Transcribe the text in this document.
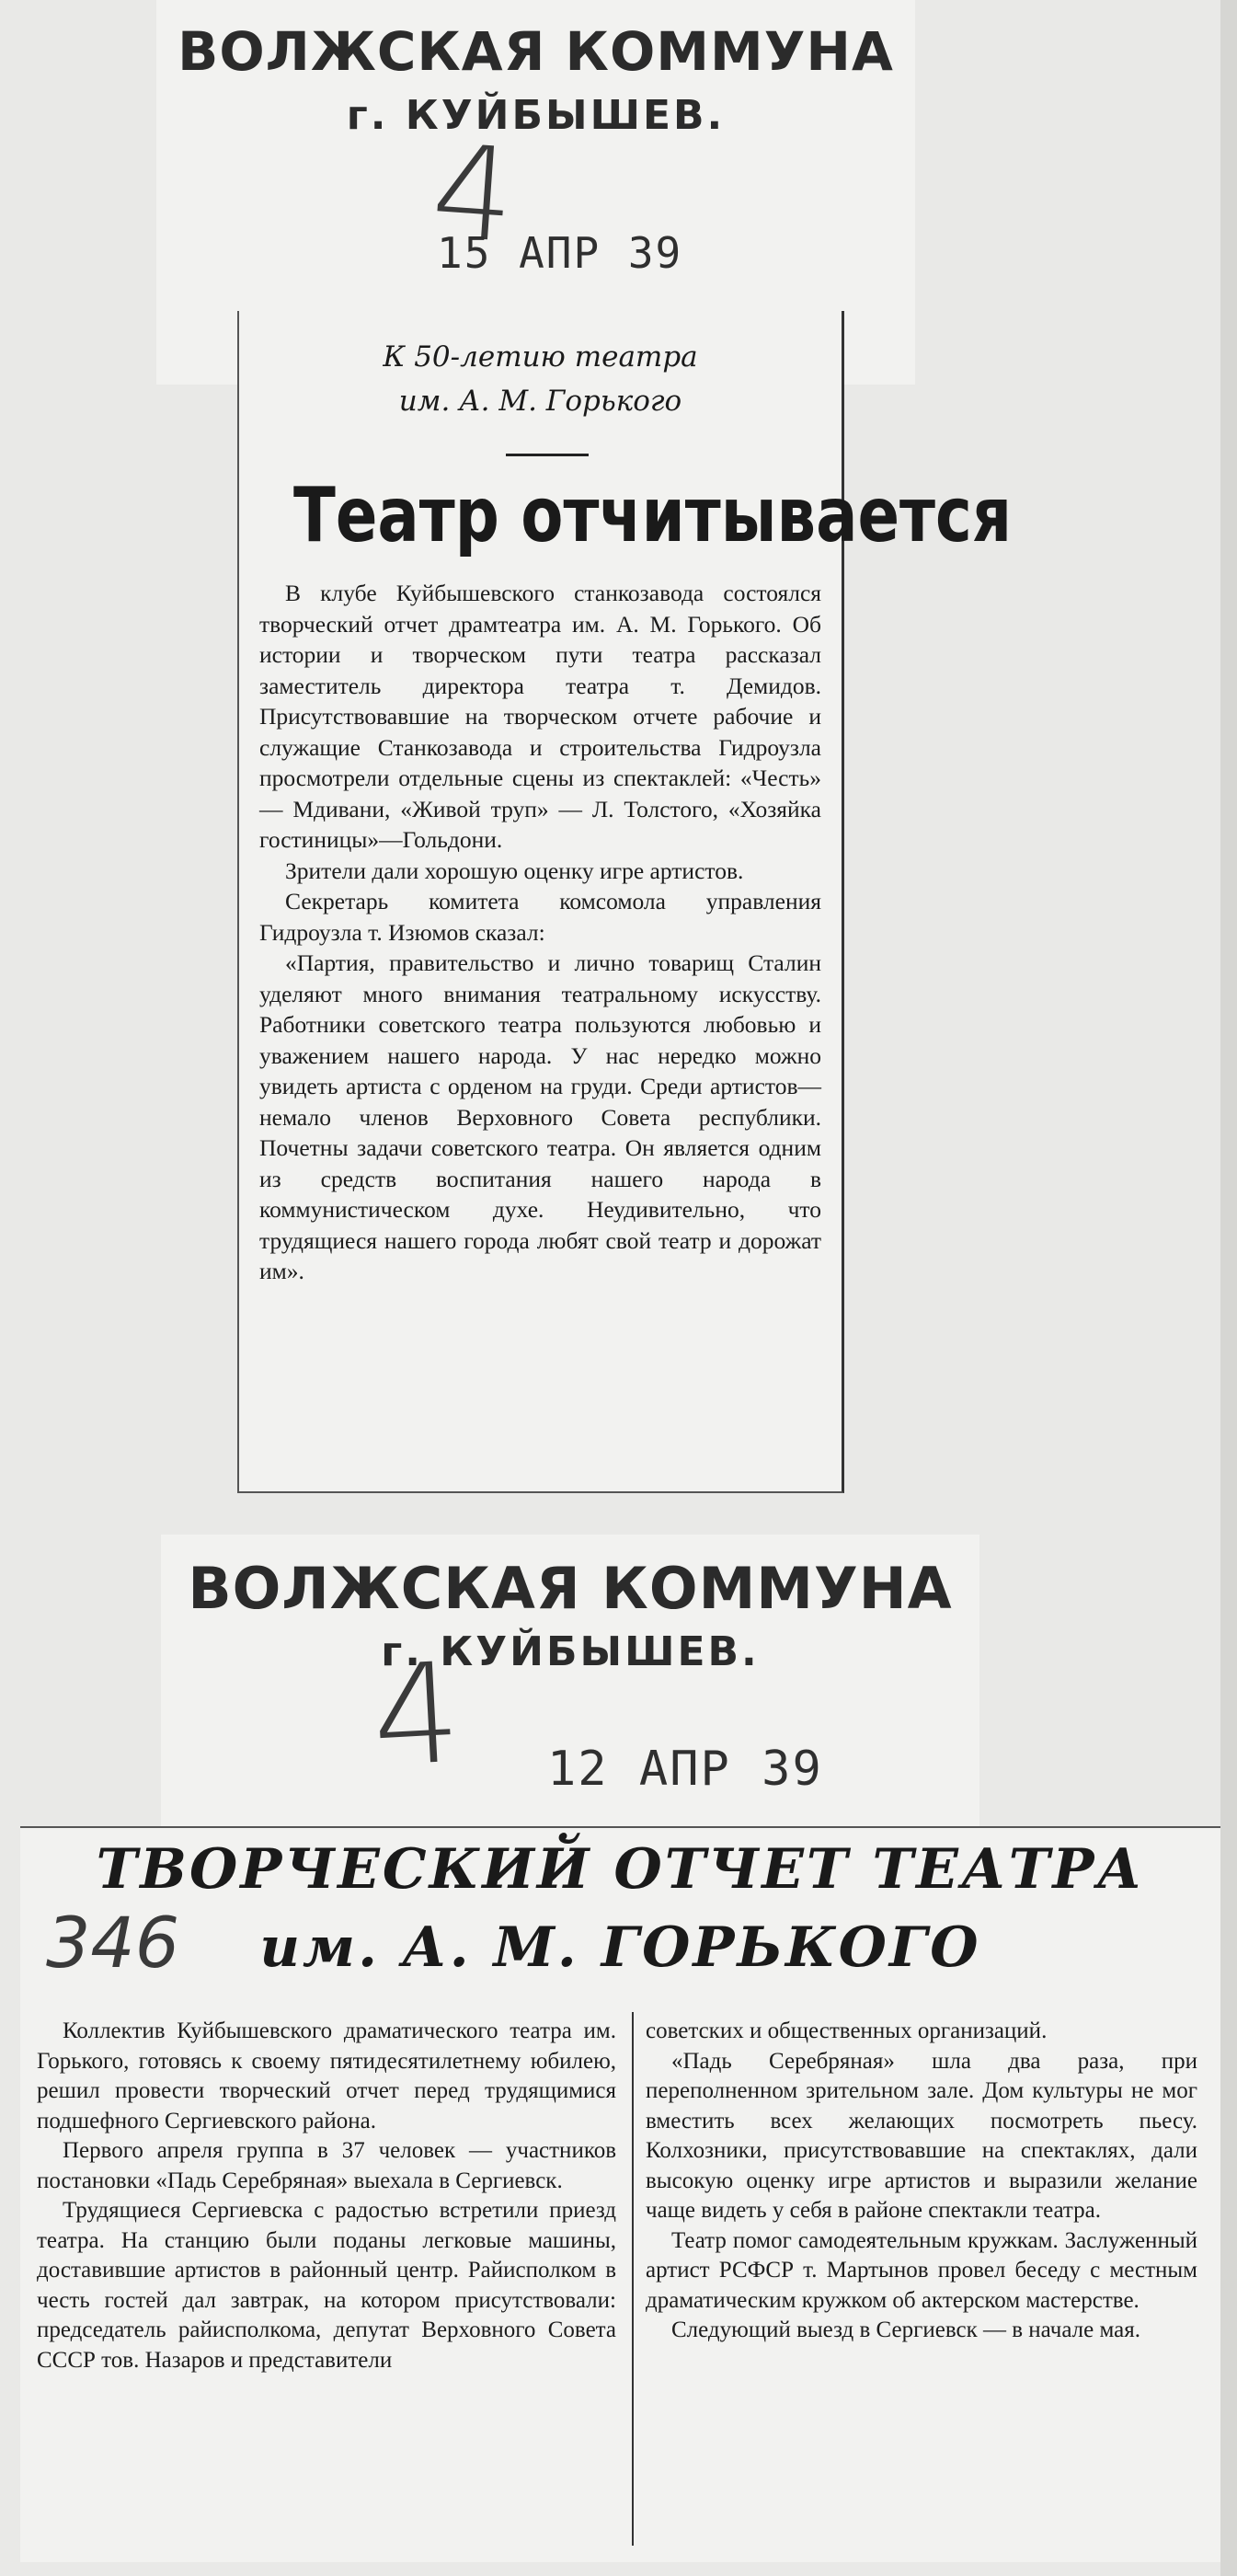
ВОЛЖСКАЯ КОММУНА
г. КУЙБЫШЕВ.
4
15 АПР 39
К 50-летию театра
им. А. М. Горького
Театр отчитывается

В клубе Куйбышевского станкозавода состоялся творческий отчет драмтеатра им. А. М. Горького. Об истории и творческом пути театра рассказал заместитель директора театра т. Демидов. Присутствовавшие на творческом отчете рабочие и служащие Станкозавода и строительства Гидроузла просмотрели отдельные сцены из спектаклей: «Честь» — Мдивани, «Живой труп» — Л. Толстого, «Хозяйка гостиницы»—Гольдони.

Зрители дали хорошую оценку игре артистов.

Секретарь комитета комсомола управления Гидроузла т. Изюмов сказал:

«Партия, правительство и лично товарищ Сталин уделяют много внимания театральному искусству. Работники советского театра пользуются любовью и уважением нашего народа. У нас нередко можно увидеть артиста с орденом на груди. Среди артистов—немало членов Верховного Совета республики. Почетны задачи советского театра. Он является одним из средств воспитания нашего народа в коммунистическом духе. Неудивительно, что трудящиеся нашего города любят свой театр и дорожат им».

ВОЛЖСКАЯ КОММУНА
г. КУЙБЫШЕВ.
4 12 АПР 39
ТВОРЧЕСКИЙ ОТЧЕТ ТЕАТРА
им. А. М. ГОРЬКОГО
346

Коллектив Куйбышевского драматического театра им. Горького, готовясь к своему пятидесятилетнему юбилею, решил провести творческий отчет перед трудящимися подшефного Сергиевского района.

Первого апреля группа в 37 человек — участников постановки «Падь Серебряная» выехала в Сергиевск.

Трудящиеся Сергиевска с радостью встретили приезд театра. На станцию были поданы легковые машины, доставившие артистов в районный центр. Райисполком в честь гостей дал завтрак, на котором присутствовали: председатель райисполкома, депутат Верховного Совета СССР тов. Назаров и представители

советских и общественных организаций.

«Падь Серебряная» шла два раза, при переполненном зрительном зале. Дом культуры не мог вместить всех желающих посмотреть пьесу. Колхозники, присутствовавшие на спектаклях, дали высокую оценку игре артистов и выразили желание чаще видеть у себя в районе спектакли театра.

Театр помог самодеятельным кружкам. Заслуженный артист РСФСР т. Мартынов провел беседу с местным драматическим кружком об актерском мастерстве.

Следующий выезд в Сергиевск — в начале мая.
